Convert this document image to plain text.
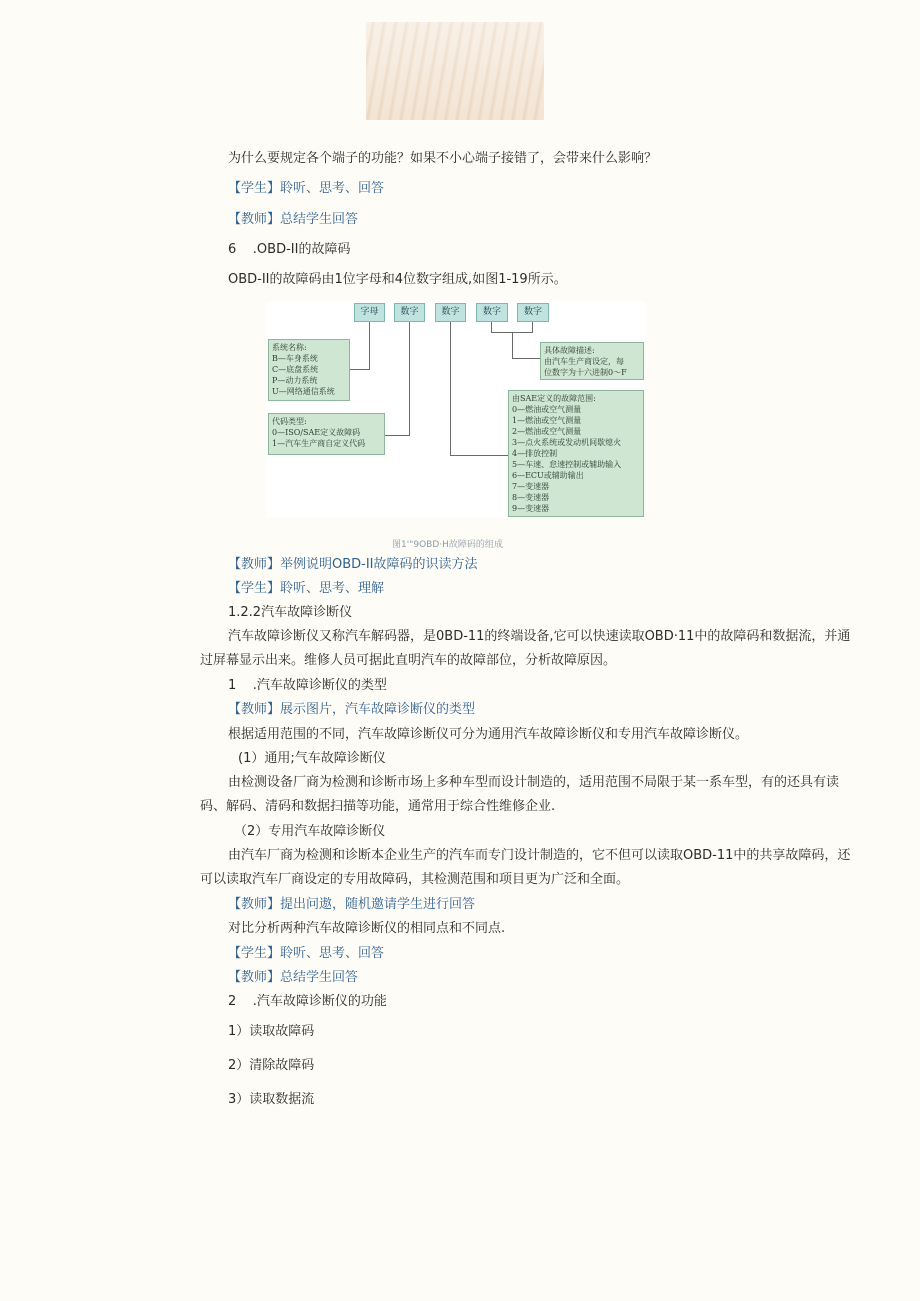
为什么要规定各个端子的功能？如果不小心端子接错了，会带来什么影响？
【学生】聆听、思考、回答
【教师】总结学生回答
6    .OBD-II的故障码
OBD-II的故障码由1位字母和4位数字组成,如图1-19所示。
字母	数字	数字	数字	数字
系统名称:
B—车身系统
C—底盘系统
P—动力系统
U—网络通信系统
代码类型:
0—ISO/SAE定义故障码
1—汽车生产商自定义代码
具体故障描述:
由汽车生产商设定，每
位数字为十六进制0～F
由SAE定义的故障范围:
0—燃油或空气测量
1—燃油或空气测量
2—燃油或空气测量
3—点火系统或发动机间歇熄火
4—排放控制
5—车速、怠速控制或辅助输入
6—ECU或辅助输出
7—变速器
8—变速器
9—变速器
图1'"9OBD·H故障码的组成
【教师】举例说明OBD-II故障码的识读方法
【学生】聆听、思考、理解
1.2.2汽车故障诊断仪
汽车故障诊断仪又称汽车解码器，是0BD-11的终端设备,它可以快速读取OBD·11中的故障码和数据流，并通过屏幕显示出来。维修人员可据此直明汽车的故障部位，分析故障原因。
1    .汽车故障诊断仪的类型
【教师】展示图片，汽车故障诊断仪的类型
根据适用范围的不同，汽车故障诊断仪可分为通用汽车故障诊断仪和专用汽车故障诊断仪。
(1）通用;气车故障诊断仪
由检测设备厂商为检测和诊断市场上多种车型而设计制造的，适用范围不局限于某一系车型，有的还具有读码、解码、清码和数据扫描等功能，通常用于综合性维修企业.
（2）专用汽车故障诊断仪
由汽车厂商为检测和诊断本企业生产的汽车而专门设计制造的，它不但可以读取OBD-11中的共享故障码，还可以读取汽车厂商设定的专用故障码，其检测范围和项目更为广泛和全面。
【教师】提出问遨，随机邀请学生进行回答
对比分析两种汽车故障诊断仪的相同点和不同点.
【学生】聆听、思考、回答
【教师】总结学生回答
2    .汽车故障诊断仪的功能
1）读取故障码
2）清除故障码
3）读取数据流
